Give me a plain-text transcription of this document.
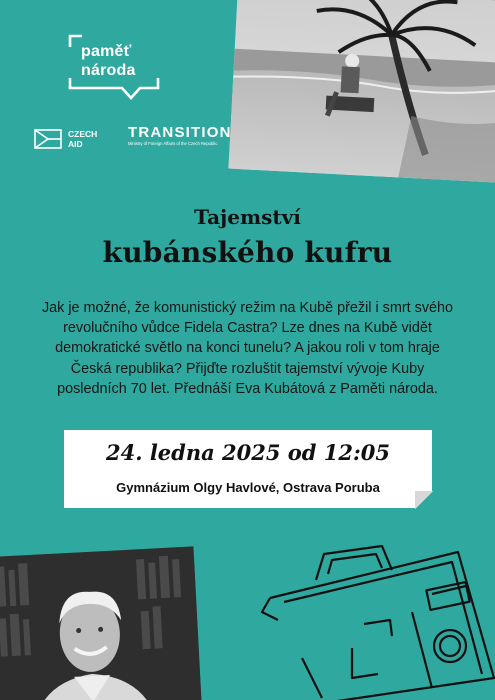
paměť
národa
CZECH
AID
TRANSITION
Ministry of Foreign Affairs of the Czech Republic
Tajemství
kubánského kufru
Jak je možné, že komunistický režim na Kubě přežil i smrt svého revolučního vůdce Fidela Castra? Lze dnes na Kubě vidět demokratické světlo na konci tunelu? A jakou roli v tom hraje Česká republika? Přijďte rozluštit tajemství vývoje Kuby posledních 70 let. Přednáší Eva Kubátová z Paměti národa.
24. ledna 2025 od 12:05
Gymnázium Olgy Havlové, Ostrava Poruba
